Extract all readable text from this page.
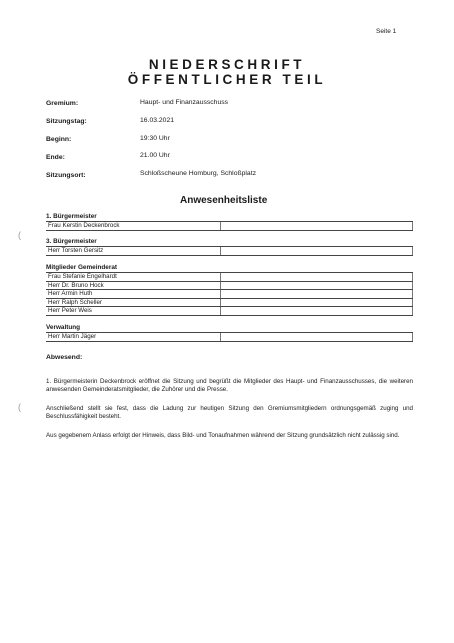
Seite 1
NIEDERSCHRIFT
ÖFFENTLICHER TEIL
Gremium:	Haupt- und Finanzausschuss
Sitzungstag:	16.03.2021
Beginn:	19:30 Uhr
Ende:	21.00 Uhr
Sitzungsort:	Schloßscheune Homburg, Schloßplatz
Anwesenheitsliste
1. Bürgermeister
Frau Kerstin Deckenbrock
3. Bürgermeister
Herr Torsten Gersitz
Mitglieder Gemeinderat
Frau Stefanie Engelhardt
Herr Dr. Bruno Hock
Herr Armin Huth
Herr Ralph Scheller
Herr Peter Weis
Verwaltung
Herr Martin Jäger
Abwesend:
1. Bürgermeisterin Deckenbrock eröffnet die Sitzung und begrüßt die Mitglieder des Haupt- und Finanzausschusses, die weiteren anwesenden Gemeinderatsmitglieder, die Zuhörer und die Presse.
Anschließend stellt sie fest, dass die Ladung zur heutigen Sitzung den Gremiumsmitgliedern ordnungsgemäß zuging und Beschlussfähigkeit besteht.
Aus gegebenem Anlass erfolgt der Hinweis, dass Bild- und Tonaufnahmen während der Sitzung grundsätzlich nicht zulässig sind.
(
(
